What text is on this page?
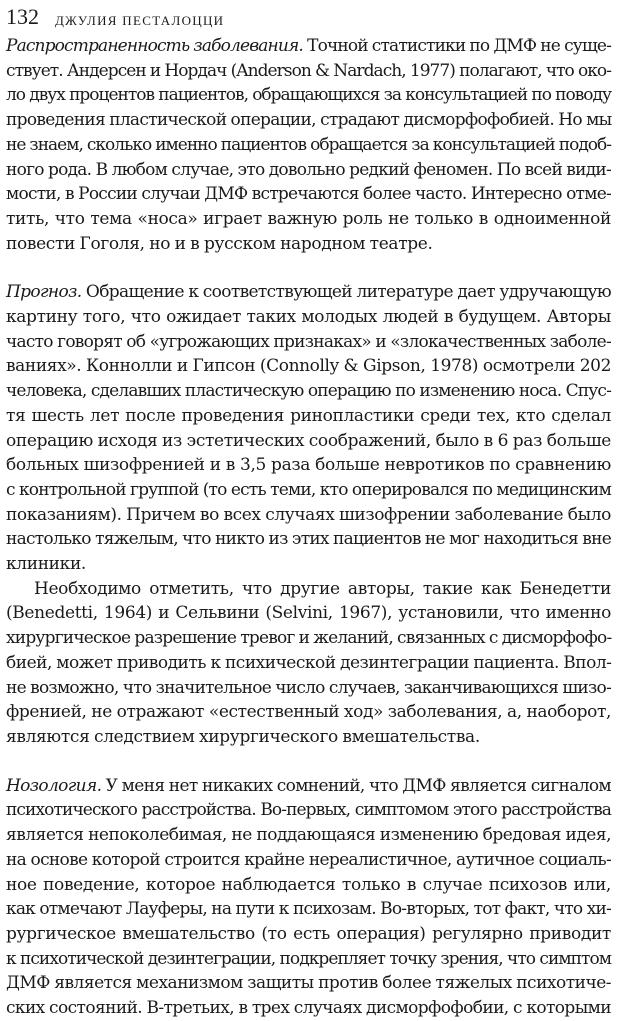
132 ДЖУЛИЯ ПЕСТАЛОЦЦИ

Распространенность заболевания. Точной статистики по ДМФ не суще-
ствует. Андерсен и Нордач (Anderson & Nardach, 1977) полагают, что око-
ло двух процентов пациентов, обращающихся за консультацией по поводу
проведения пластической операции, страдают дисморфофобией. Но мы
не знаем, сколько именно пациентов обращается за консультацией подоб-
ного рода. В любом случае, это довольно редкий феномен. По всей види-
мости, в России случаи ДМФ встречаются более часто. Интересно отме-
тить, что тема «носа» играет важную роль не только в одноименной
повести Гоголя, но и в русском народном театре.

Прогноз. Обращение к соответствующей литературе дает удручающую
картину того, что ожидает таких молодых людей в будущем. Авторы
часто говорят об «угрожающих признаках» и «злокачественных заболе-
ваниях». Коннолли и Гипсон (Connolly & Gipson, 1978) осмотрели 202
человека, сделавших пластическую операцию по изменению носа. Спус-
тя шесть лет после проведения ринопластики среди тех, кто сделал
операцию исходя из эстетических соображений, было в 6 раз больше
больных шизофренией и в 3,5 раза больше невротиков по сравнению
с контрольной группой (то есть теми, кто оперировался по медицинским
показаниям). Причем во всех случаях шизофрении заболевание было
настолько тяжелым, что никто из этих пациентов не мог находиться вне
клиники.

Необходимо отметить, что другие авторы, такие как Бенедетти
(Benedetti, 1964) и Сельвини (Selvini, 1967), установили, что именно
хирургическое разрешение тревог и желаний, связанных с дисморфофо-
бией, может приводить к психической дезинтеграции пациента. Впол-
не возможно, что значительное число случаев, заканчивающихся шизо-
френией, не отражают «естественный ход» заболевания, а, наоборот,
являются следствием хирургического вмешательства.

Нозология. У меня нет никаких сомнений, что ДМФ является сигналом
психотического расстройства. Во-первых, симптомом этого расстройства
является непоколебимая, не поддающаяся изменению бредовая идея,
на основе которой строится крайне нереалистичное, аутичное социаль-
ное поведение, которое наблюдается только в случае психозов или,
как отмечают Лауферы, на пути к психозам. Во-вторых, тот факт, что хи-
рургическое вмешательство (то есть операция) регулярно приводит
к психотической дезинтеграции, подкрепляет точку зрения, что симптом
ДМФ является механизмом защиты против более тяжелых психотиче-
ских состояний. В-третьих, в трех случаях дисморфофобии, с которыми
